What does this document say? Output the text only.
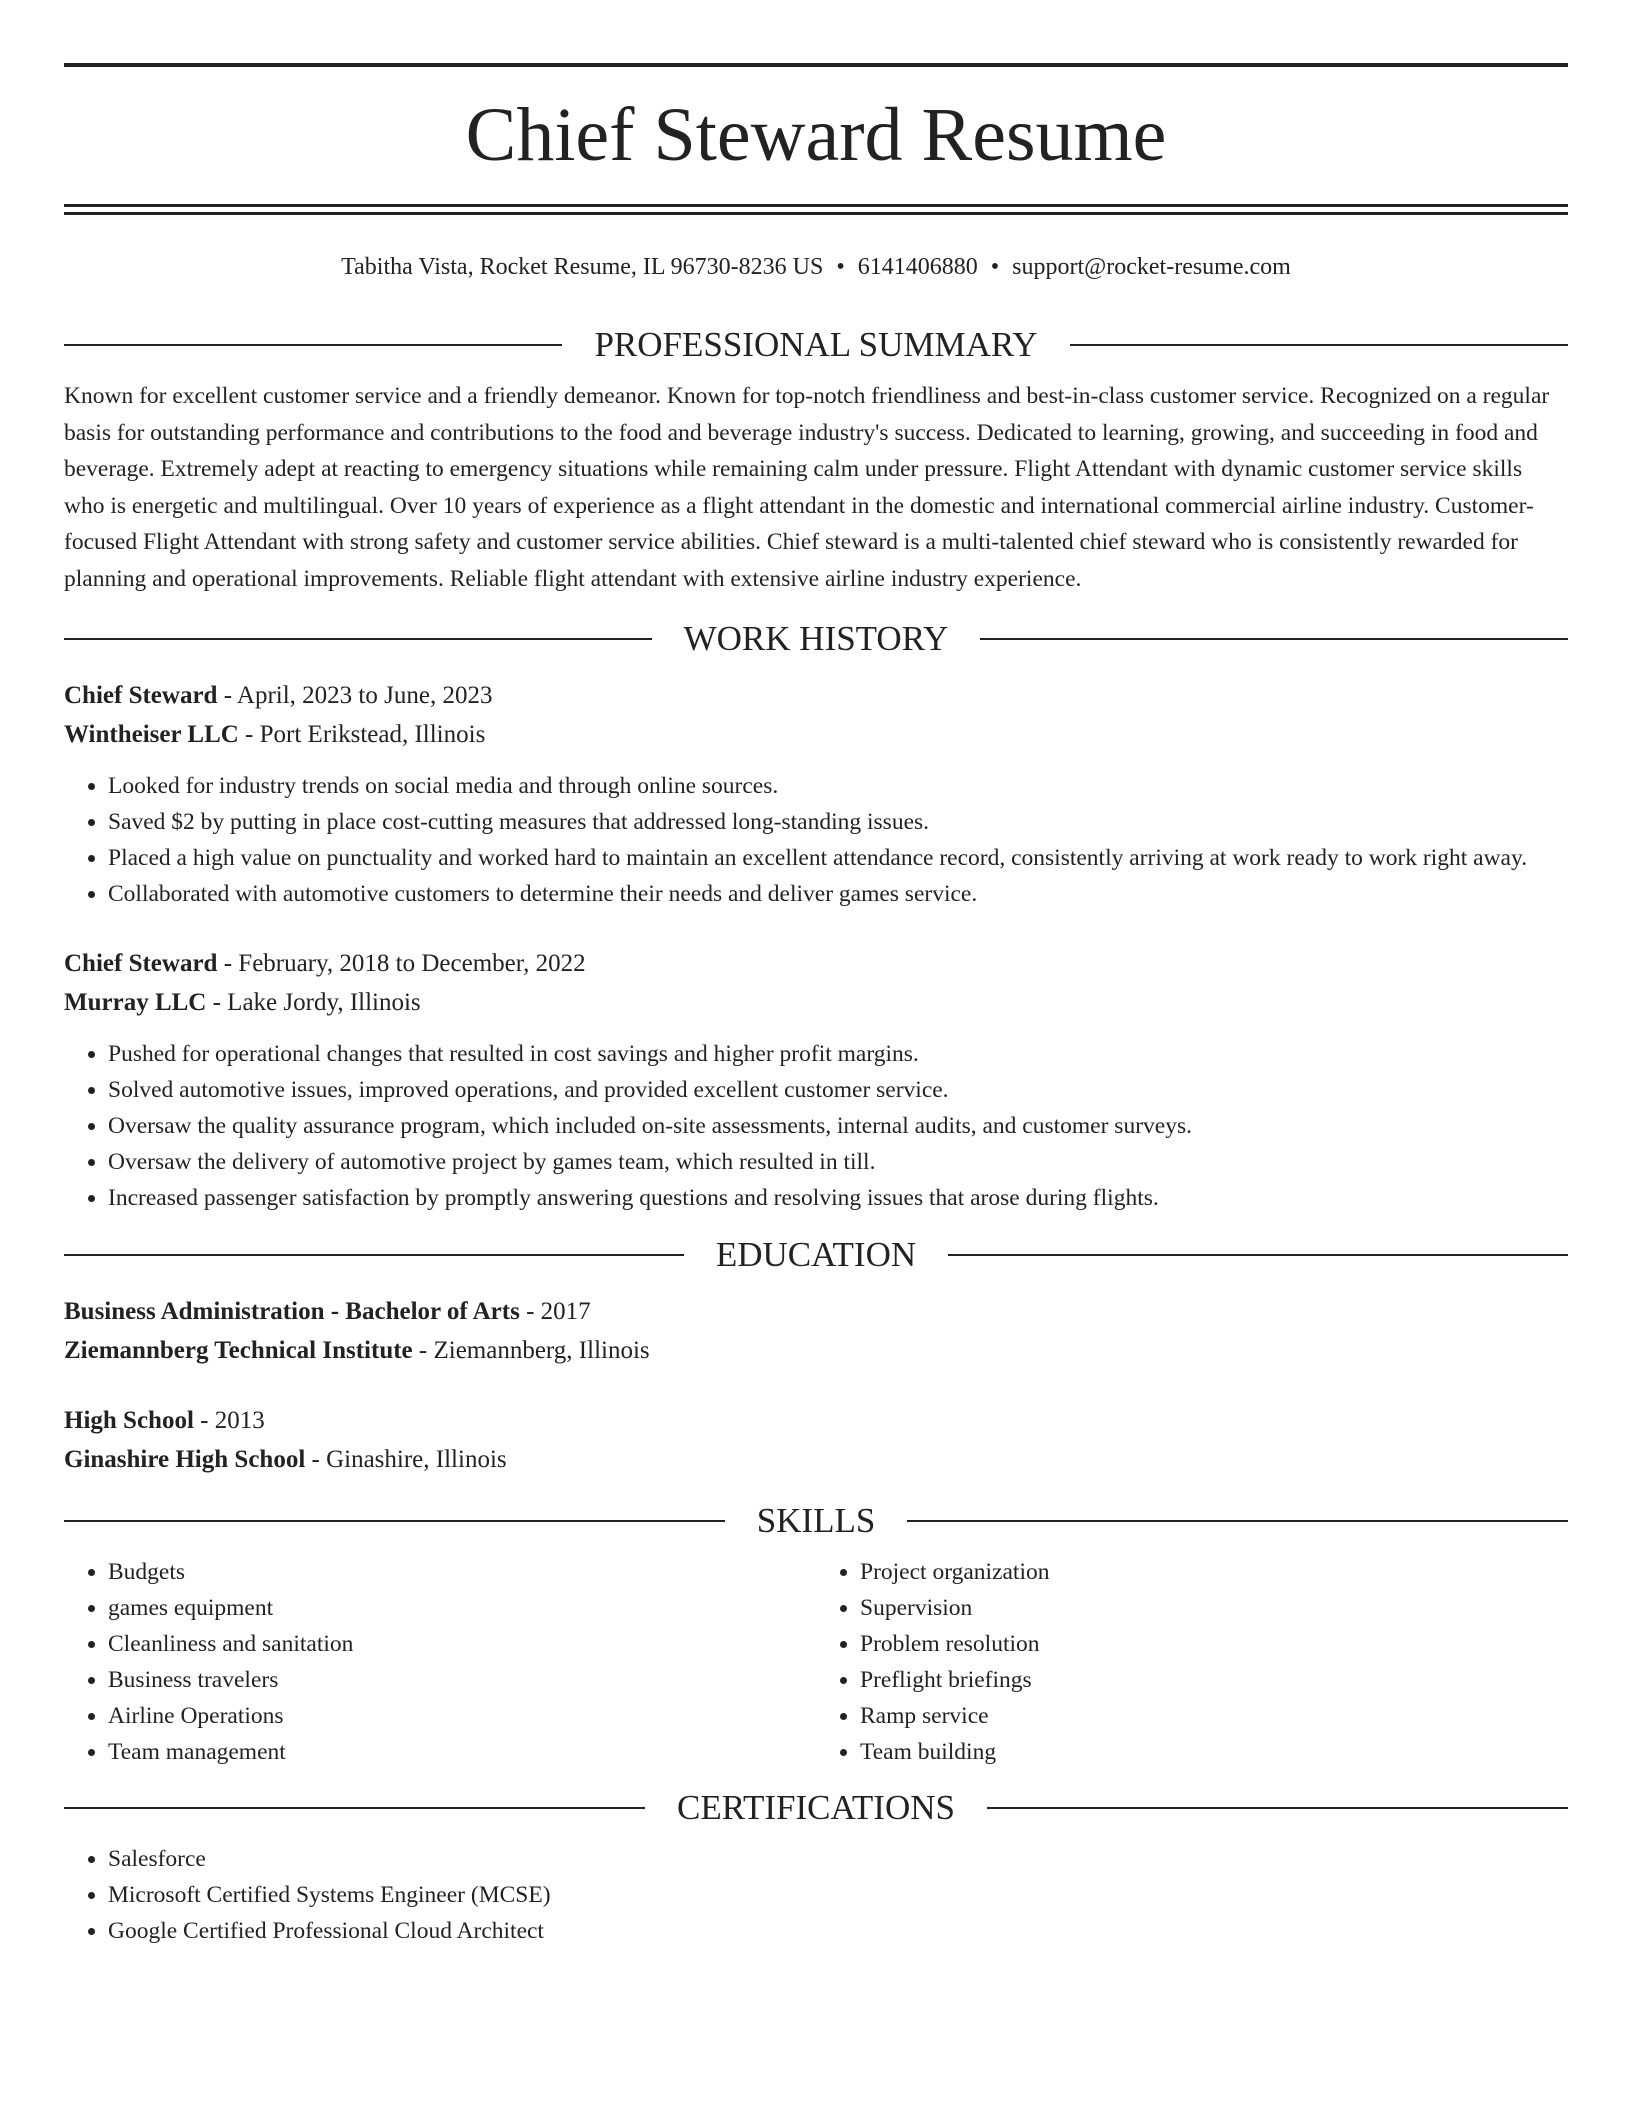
Chief Steward Resume
Tabitha Vista, Rocket Resume, IL 96730-8236 US • 6141406880 • support@rocket-resume.com
PROFESSIONAL SUMMARY

Known for excellent customer service and a friendly demeanor. Known for top-notch friendliness and best-in-class customer service. Recognized on a regular basis for outstanding performance and contributions to the food and beverage industry's success. Dedicated to learning, growing, and succeeding in food and beverage. Extremely adept at reacting to emergency situations while remaining calm under pressure. Flight Attendant with dynamic customer service skills who is energetic and multilingual. Over 10 years of experience as a flight attendant in the domestic and international commercial airline industry. Customer-focused Flight Attendant with strong safety and customer service abilities. Chief steward is a multi-talented chief steward who is consistently rewarded for planning and operational improvements. Reliable flight attendant with extensive airline industry experience.

WORK HISTORY
Chief Steward - April, 2023 to June, 2023
Wintheiser LLC - Port Erikstead, Illinois
• Looked for industry trends on social media and through online sources.
• Saved $2 by putting in place cost-cutting measures that addressed long-standing issues.
• Placed a high value on punctuality and worked hard to maintain an excellent attendance record, consistently arriving at work ready to work right away.
• Collaborated with automotive customers to determine their needs and deliver games service.
Chief Steward - February, 2018 to December, 2022
Murray LLC - Lake Jordy, Illinois
• Pushed for operational changes that resulted in cost savings and higher profit margins.
• Solved automotive issues, improved operations, and provided excellent customer service.
• Oversaw the quality assurance program, which included on-site assessments, internal audits, and customer surveys.
• Oversaw the delivery of automotive project by games team, which resulted in till.
• Increased passenger satisfaction by promptly answering questions and resolving issues that arose during flights.
EDUCATION
Business Administration - Bachelor of Arts - 2017
Ziemannberg Technical Institute - Ziemannberg, Illinois
High School - 2013
Ginashire High School - Ginashire, Illinois
SKILLS
• Budgets
• games equipment
• Cleanliness and sanitation
• Business travelers
• Airline Operations
• Team management
• Project organization
• Supervision
• Problem resolution
• Preflight briefings
• Ramp service
• Team building
CERTIFICATIONS
• Salesforce
• Microsoft Certified Systems Engineer (MCSE)
• Google Certified Professional Cloud Architect
